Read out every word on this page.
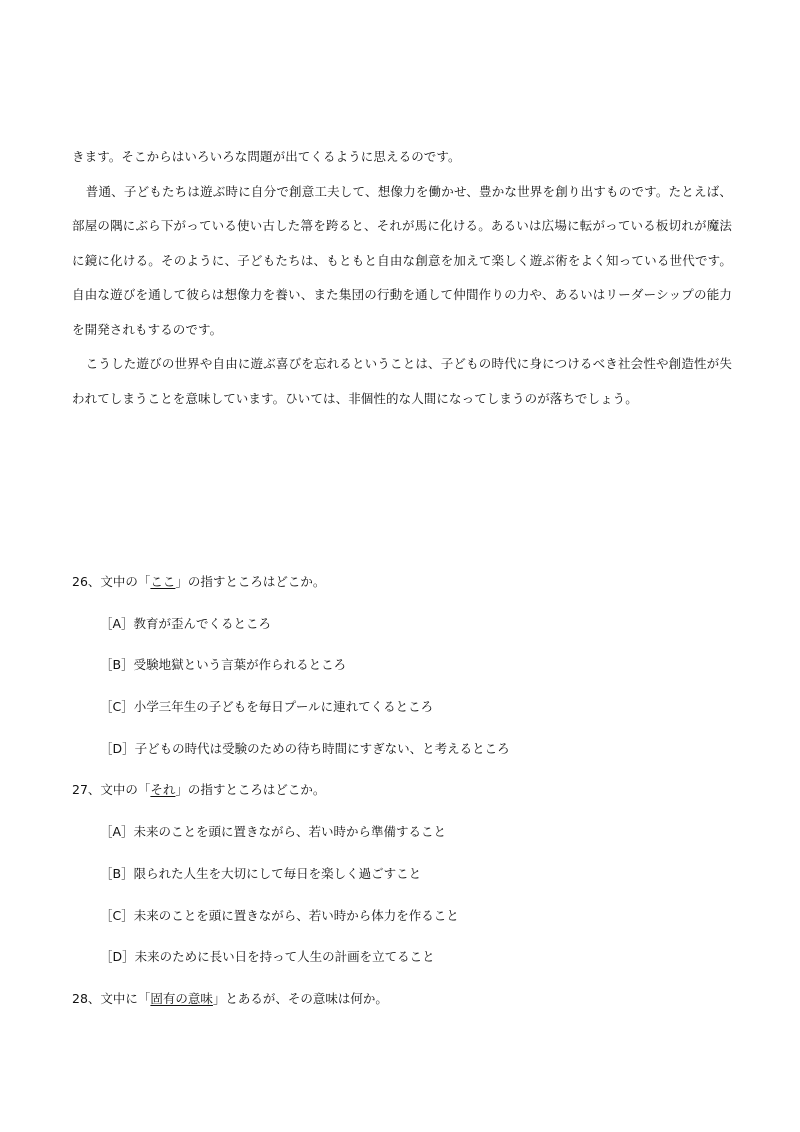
きます。そこからはいろいろな問題が出てくるように思えるのです。

普通、子どもたちは遊ぶ時に自分で創意工夫して、想像力を働かせ、豊かな世界を創り出すものです。たとえば、部屋の隅にぶら下がっている使い古した箒を跨ると、それが馬に化ける。あるいは広場に転がっている板切れが魔法に鏡に化ける。そのように、子どもたちは、もともと自由な創意を加えて楽しく遊ぶ術をよく知っている世代です。自由な遊びを通して彼らは想像力を養い、また集団の行動を通して仲間作りの力や、あるいはリーダーシップの能力を開発されもするのです。

こうした遊びの世界や自由に遊ぶ喜びを忘れるということは、子どもの時代に身につけるべき社会性や創造性が失われてしまうことを意味しています。ひいては、非個性的な人間になってしまうのが落ちでしょう。

26、文中の「ここ」の指すところはどこか。
［A］教育が歪んでくるところ
［B］受験地獄という言葉が作られるところ
［C］小学三年生の子どもを毎日プールに連れてくるところ
［D］子どもの時代は受験のための待ち時間にすぎない、と考えるところ
27、文中の「それ」の指すところはどこか。
［A］未来のことを頭に置きながら、若い時から準備すること
［B］限られた人生を大切にして毎日を楽しく過ごすこと
［C］未来のことを頭に置きながら、若い時から体力を作ること
［D］未来のために長い日を持って人生の計画を立てること
28、文中に「固有の意味」とあるが、その意味は何か。
